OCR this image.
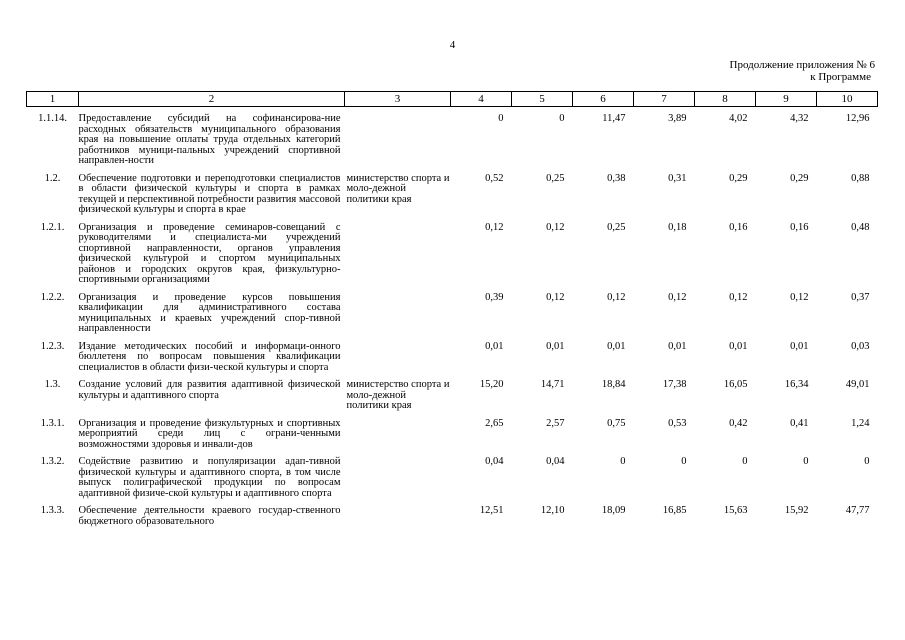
4
Продолжение приложения № 6
к Программе
1	2	3	4	5	6	7	8	9	10

1.1.14.	Предоставление субсидий на софинансирова-ние расходных обязательств муниципального образования края на повышение оплаты труда отдельных категорий работников муници-пальных учреждений спортивной направлен-ности		0	0	11,47	3,89	4,02	4,32	12,96

1.2.	Обеспечение подготовки и переподготовки специалистов в области физической культуры и спорта в рамках текущей и перспективной потребности развития массовой физической культуры и спорта в крае	министерство спорта и моло-дежной политики края	0,52	0,25	0,38	0,31	0,29	0,29	0,88

1.2.1.	Организация и проведение семинаров-совещаний с руководителями и специалиста-ми учреждений спортивной направленности, органов управления физической культурой и спортом муниципальных районов и городских округов края, физкультурно-спортивными организациями		0,12	0,12	0,25	0,18	0,16	0,16	0,48

1.2.2.	Организация и проведение курсов повышения квалификации для административного состава муниципальных и краевых учреждений спор-тивной направленности		0,39	0,12	0,12	0,12	0,12	0,12	0,37

1.2.3.	Издание методических пособий и информаци-онного бюллетеня по вопросам повышения квалификации специалистов в области физи-ческой культуры и спорта		0,01	0,01	0,01	0,01	0,01	0,01	0,03

1.3.	Создание условий для развития адаптивной физической культуры и адаптивного спорта	министерство спорта и моло-дежной политики края	15,20	14,71	18,84	17,38	16,05	16,34	49,01

1.3.1.	Организация и проведение физкультурных и спортивных мероприятий среди лиц с ограни-ченными возможностями здоровья и инвали-дов		2,65	2,57	0,75	0,53	0,42	0,41	1,24

1.3.2.	Содействие развитию и популяризации адап-тивной физической культуры и адаптивного спорта, в том числе выпуск полиграфической продукции по вопросам адаптивной физиче-ской культуры и адаптивного спорта		0,04	0,04	0	0	0	0	0

1.3.3.	Обеспечение деятельности краевого государ-ственного бюджетного образовательного		12,51	12,10	18,09	16,85	15,63	15,92	47,77
